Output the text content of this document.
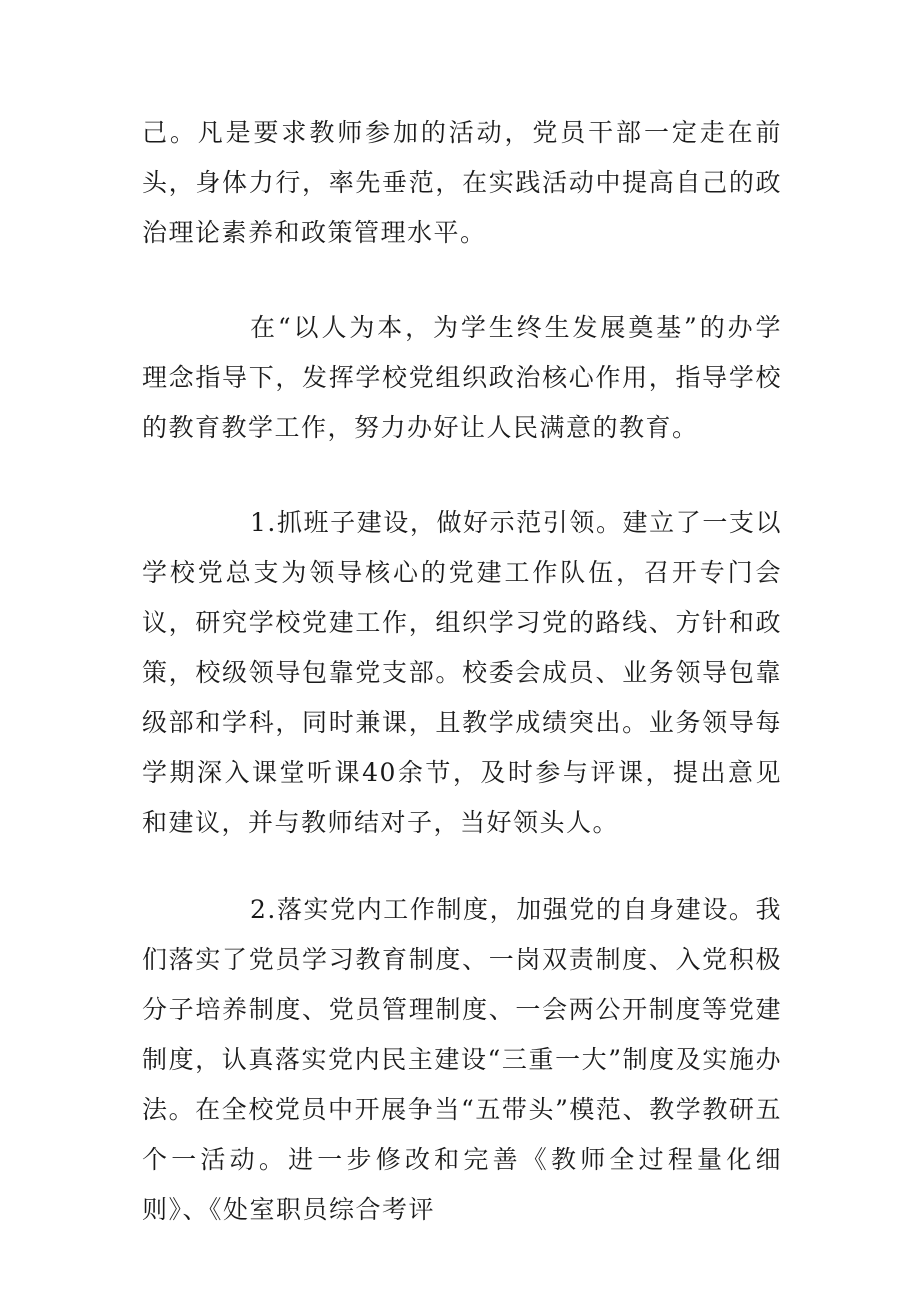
己。凡是要求教师参加的活动，党员干部一定走在前头，身体力行，率先垂范，在实践活动中提高自己的政治理论素养和政策管理水平。

在“以人为本，为学生终生发展奠基”的办学理念指导下，发挥学校党组织政治核心作用，指导学校的教育教学工作，努力办好让人民满意的教育。

1.抓班子建设，做好示范引领。建立了一支以学校党总支为领导核心的党建工作队伍，召开专门会议，研究学校党建工作，组织学习党的路线、方针和政策，校级领导包靠党支部。校委会成员、业务领导包靠级部和学科，同时兼课，且教学成绩突出。业务领导每学期深入课堂听课40余节，及时参与评课，提出意见和建议，并与教师结对子，当好领头人。

2.落实党内工作制度，加强党的自身建设。我们落实了党员学习教育制度、一岗双责制度、入党积极分子培养制度、党员管理制度、一会两公开制度等党建制度，认真落实党内民主建设“三重一大”制度及实施办法。在全校党员中开展争当“五带头”模范、教学教研五个一活动。进一步修改和完善《教师全过程量化细则》、《处室职员综合考评
